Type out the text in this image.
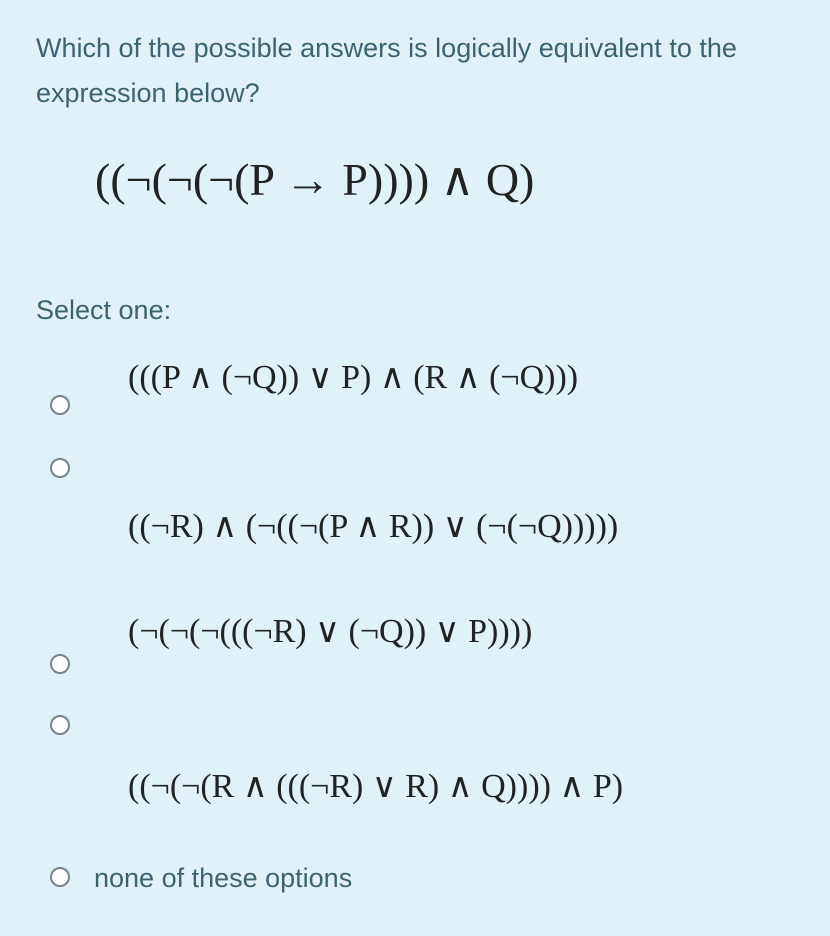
Which of the possible answers is logically equivalent to the expression below?
((¬(¬(¬(P → P)))) ∧ Q)
Select one:
(((P ∧ (¬Q)) ∨ P) ∧ (R ∧ (¬Q)))
((¬R) ∧ (¬((¬(P ∧ R)) ∨ (¬(¬Q)))))
(¬(¬(¬(((¬R) ∨ (¬Q)) ∨ P))))
((¬(¬(R ∧ (((¬R) ∨ R) ∧ Q)))) ∧ P)
none of these options
